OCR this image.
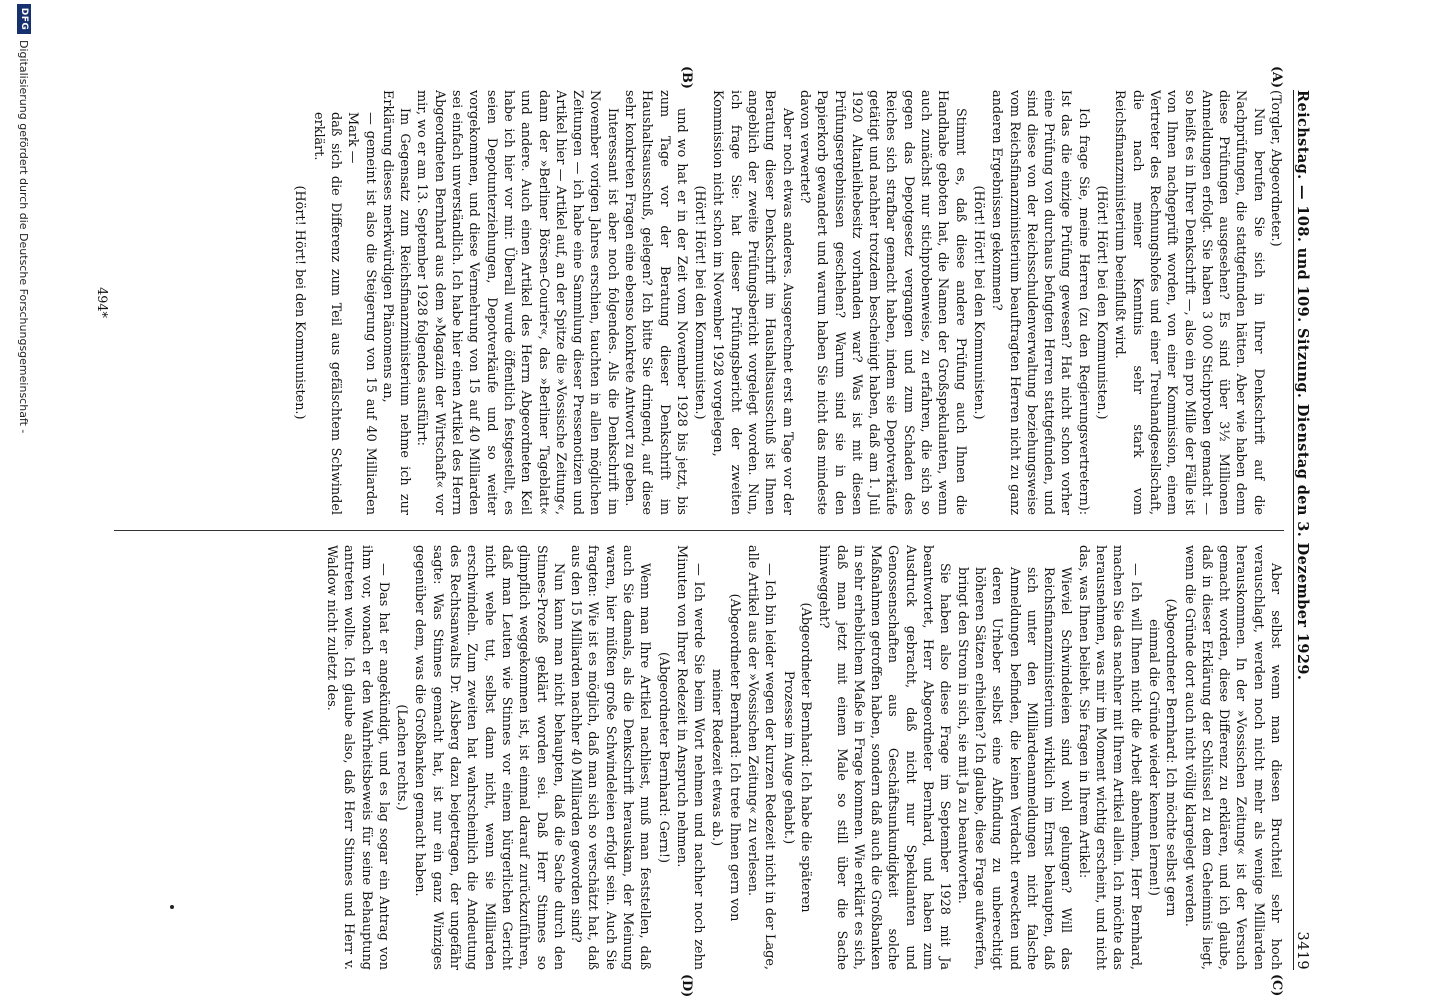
Reichstag. — 108. und 109. Sitzung. Dienstag den 3. Dezember 1929.
3419
(A)
(B)
(C)
(D)

(Torgler, Abgeordneter.)

Nun berufen Sie sich in Ihrer Denkschrift auf die Nachprüfungen, die stattgefunden hätten. Aber wie haben denn diese Prüfungen ausgesehen? Es sind über 3½ Millionen Anmeldungen erfolgt. Sie haben 3 000 Stichproben gemacht — so heißt es in Ihrer Denkschrift —, also ein pro Mille der Fälle ist von Ihnen nachgeprüft worden, von einer Kommission, einem Vertreter des Rechnungshofes und einer Treuhandgesellschaft, die nach meiner Kenntnis sehr stark vom Reichsfinanzministerium beeinflußt wird.

(Hört! Hört! bei den Kommunisten.)

Ich frage Sie, meine Herren (zu den Regierungsvertretern): Ist das die einzige Prüfung gewesen? Hat nicht schon vorher eine Prüfung von durchaus befugten Herren stattgefunden, und sind diese von der Reichsschuldenverwaltung beziehungsweise vom Reichsfinanzministerium beauftragten Herren nicht zu ganz anderen Ergebnissen gekommen?

(Hört! Hört! bei den Kommunisten.)

Stimmt es, daß diese andere Prüfung auch Ihnen die Handhabe geboten hat, die Namen der Großspekulanten, wenn auch zunächst nur stichprobenweise, zu erfahren, die sich so gegen das Depotgesetz vergangen und zum Schaden des Reiches sich strafbar gemacht haben, indem sie Depotverkäufe getätigt und nachher trotzdem bescheinigt haben, daß am 1. Juli 1920 Altanleihebesitz vorhanden war? Was ist mit diesen Prüfungsergebnissen geschehen? Warum sind sie in den Papierkorb gewandert und warum haben Sie nicht das mindeste davon verwertet?

Aber noch etwas anderes. Ausgerechnet erst am Tage vor der Beratung dieser Denkschrift im Haushaltsausschuß ist Ihnen angeblich der zweite Prüfungsbericht vorgelegt worden. Nun, ich frage Sie: hat dieser Prüfungsbericht der zweiten Kommission nicht schon im November 1928 vorgelegen,

(Hört! Hört! bei den Kommunisten.)

und wo hat er in der Zeit vom November 1928 bis jetzt, bis zum Tage vor der Beratung dieser Denkschrift im Haushaltsausschuß, gelegen? Ich bitte Sie dringend, auf diese sehr konkreten Fragen eine ebenso konkrete Antwort zu geben.

Interessant ist aber noch folgendes. Als die Denkschrift im November vorigen Jahres erschien, tauchten in allen möglichen Zeitungen — ich habe eine Sammlung dieser Pressenotizen und Artikel hier — Artikel auf, an der Spitze die »Vossische Zeitung«, dann der »Berliner Börsen-Courier«, das »Berliner Tageblatt« und andere. Auch einen Artikel des Herrn Abgeordneten Keil habe ich hier vor mir. Überall wurde öffentlich festgestellt, es seien Depotunterziehungen, Depotverkäufe und so weiter vorgekommen, und diese Vermehrung von 15 auf 40 Milliarden sei einfach unverständlich. Ich habe hier einen Artikel des Herrn Abgeordneten Bernhard aus dem »Magazin der Wirtschaft« vor mir, wo er am 13. September 1928 folgendes ausführt:

Im Gegensatz zum Reichsfinanzministerium nehme ich zur Erklärung dieses merkwürdigen Phänomens an,

— gemeint ist also die Steigerung von 15 auf 40 Milliarden Mark —

daß sich die Differenz zum Teil aus gefälschtem Schwindel erklärt.

(Hört! Hört! bei den Kommunisten.)

Aber selbst wenn man diesen Bruchteil sehr hoch verauschlagt, werden noch nicht mehr als wenige Milliarden herauskommen. In der »Vossischen Zeitung« ist der Versuch gemacht worden, diese Differenz zu erklären, und ich glaube, daß in dieser Erklärung der Schlüssel zu dem Geheimnis liegt, wenn die Gründe dort auch nicht völlig klargelegt werden.

(Abgeordneter Bernhard: Ich möchte selbst gern einmal die Gründe wieder kennen lernen!)

— Ich will Ihnen nicht die Arbeit abnehmen, Herr Bernhard, machen Sie das nachher mit Ihrem Artikel allein. Ich möchte das herausnehmen, was mir im Moment wichtig erscheint, und nicht das, was Ihnen beliebt. Sie fragen in Ihrem Artikel:

Wieviel Schwindeleien sind wohl gelungen? Will das Reichsfinanzministerium wirklich im Ernst behaupten, daß sich unter den Milliardenanmeldungen nicht falsche Anmeldungen befinden, die keinen Verdacht erweckten und deren Urheber selbst eine Abfindung zu unberechtigt höheren Sätzen erhielten? Ich glaube, diese Frage aufwerfen, bringt den Strom in sich, sie mit Ja zu beantworten.

Sie haben also diese Frage im September 1928 mit Ja beantwortet, Herr Abgeordneter Bernhard, und haben zum Ausdruck gebracht, daß nicht nur Spekulanten und Genossenschaften aus Geschäftsunkundigkeit solche Maßnahmen getroffen haben, sondern daß auch die Großbanken in sehr erheblichem Maße in Frage kommen. Wie erklärt es sich, daß man jetzt mit einem Male so still über die Sache hinweggeht?

(Abgeordneter Bernhard: Ich habe die späteren Prozesse im Auge gehabt.)

— Ich bin leider wegen der kurzen Redezeit nicht in der Lage, alle Artikel aus der »Vossischen Zeitung« zu verlesen.

(Abgeordneter Bernhard: Ich trete Ihnen gern von meiner Redezeit etwas ab.)

— Ich werde Sie beim Wort nehmen und nachher noch zehn Minuten von Ihrer Redezeit in Anspruch nehmen.

(Abgeordneter Bernhard: Gern!)

Wenn man Ihre Artikel nachliest, muß man feststellen, daß auch Sie damals, als die Denkschrift herauskam, der Meinung waren, hier müßten große Schwindeleien erfolgt sein. Auch Sie fragten: Wie ist es möglich, daß man sich so verschätzt hat, daß aus den 15 Milliarden nachher 40 Milliarden geworden sind?

Nun kann man nicht behaupten, daß die Sache durch den Stinnes-Prozeß geklärt worden sei. Daß Herr Stinnes so glimpflich weggekommen ist, ist einmal darauf zurückzuführen, daß man Leuten wie Stinnes vor einem bürgerlichen Gericht nicht wehe tut, selbst dann nicht, wenn sie Milliarden erschwindeln. Zum zweiten hat wahrscheinlich die Andeutung des Rechtsanwalts Dr. Alsberg dazu beigetragen, der ungefähr sagte: Was Stinnes gemacht hat, ist nur ein ganz Winziges gegenüber dem, was die Großbanken gemacht haben.

(Lachen rechts.)

— Das hat er angekündigt, und es lag sogar ein Antrag von ihm vor, wonach er den Wahrheitsbeweis für seine Behauptung antreten wollte. Ich glaube also, daß Herr Stinnes und Herr v. Waldow nicht zuletzt des.

494*
DFG
Digitalisierung gefördert durch die Deutsche Forschungsgemeinschaft -
